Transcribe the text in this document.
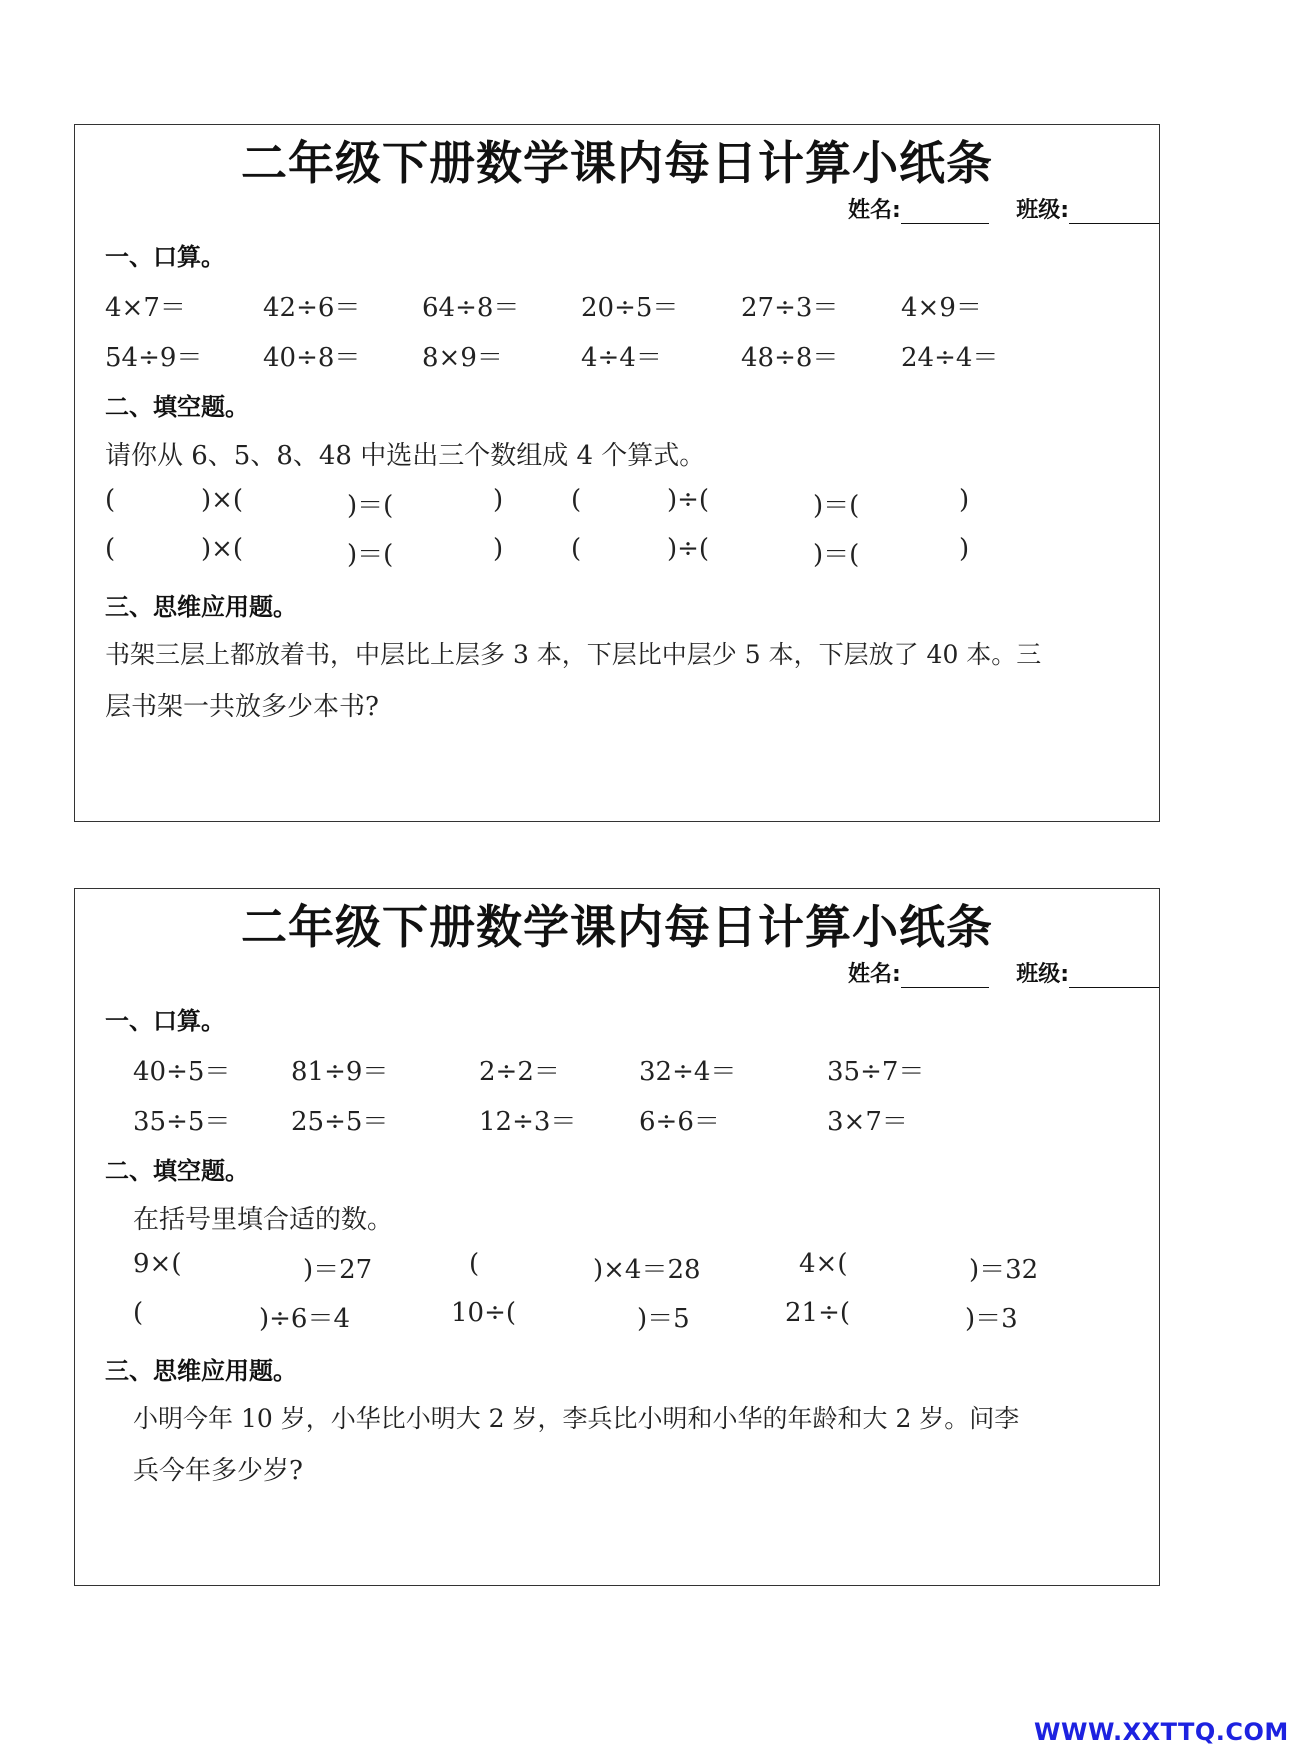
二年级下册数学课内每日计算小纸条
姓名:	班级:
一、口算。
4×7＝	42÷6＝ 64÷8＝ 20÷5＝ 27÷3＝ 4×9＝
54÷9＝ 40÷8＝ 8×9＝	4÷4＝	48÷8＝ 24÷4＝
二、填空题。
请你从 6、5、8、48 中选出三个数组成 4 个算式。
(	)×(	)＝(	)	(	)÷(	)＝(	)
(	)×(	)＝(	)	(	)÷(	)＝(	)
三、思维应用题。
书架三层上都放着书，中层比上层多 3 本，下层比中层少 5 本，下层放了 40 本。三
层书架一共放多少本书?
二年级下册数学课内每日计算小纸条
姓名:	班级:
一、口算。
40÷5＝ 81÷9＝	2÷2＝	32÷4＝	35÷7＝
35÷5＝ 25÷5＝	12÷3＝ 6÷6＝	3×7＝
二、填空题。
在括号里填合适的数。
9×(	)＝27	(	)×4＝28	4×(	)＝32
(	)÷6＝4	10÷(	)＝5	21÷(	)＝3
三、思维应用题。
小明今年 10 岁，小华比小明大 2 岁，李兵比小明和小华的年龄和大 2 岁。问李
兵今年多少岁?
WWW.XXTTQ.COM
